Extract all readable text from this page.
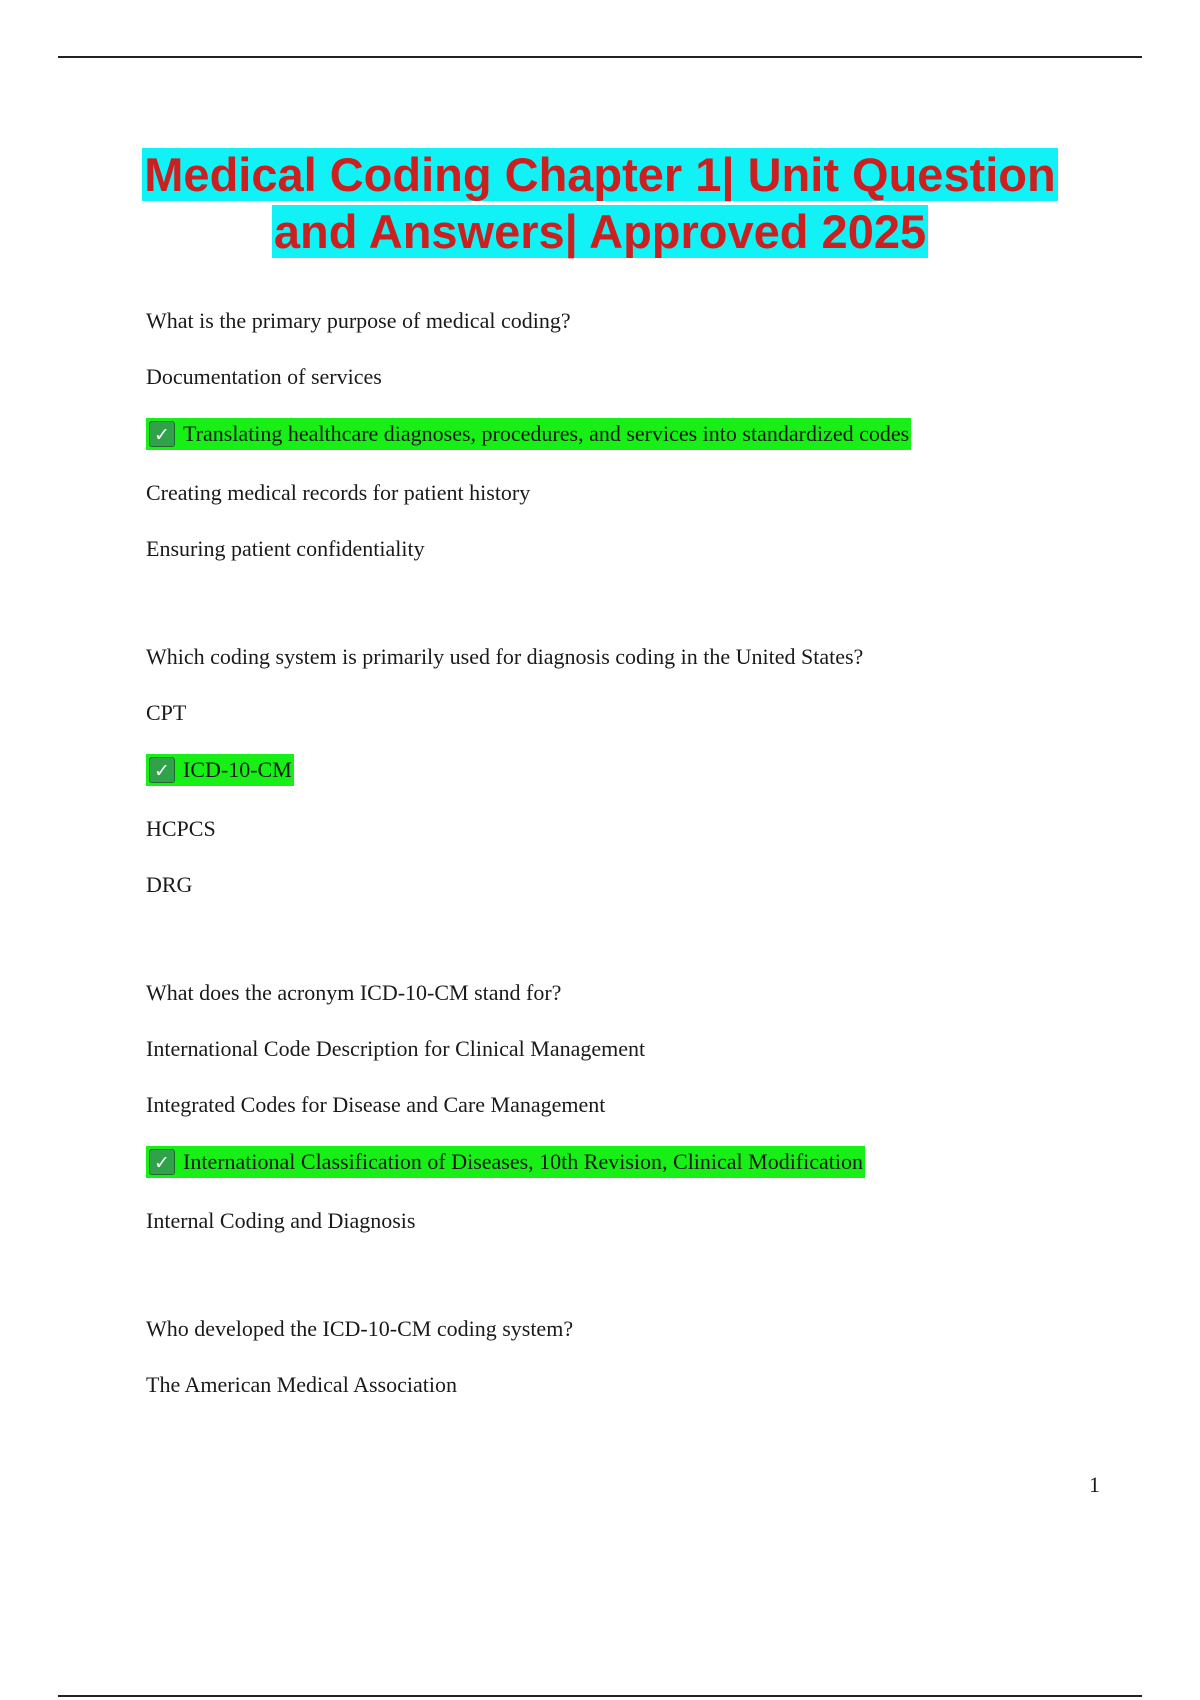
Medical Coding Chapter 1| Unit Question
and Answers| Approved 2025
What is the primary purpose of medical coding?
Documentation of services
✓ Translating healthcare diagnoses, procedures, and services into standardized codes
Creating medical records for patient history
Ensuring patient confidentiality
Which coding system is primarily used for diagnosis coding in the United States?
CPT
✓ ICD-10-CM
HCPCS
DRG
What does the acronym ICD-10-CM stand for?
International Code Description for Clinical Management
Integrated Codes for Disease and Care Management
✓ International Classification of Diseases, 10th Revision, Clinical Modification
Internal Coding and Diagnosis
Who developed the ICD-10-CM coding system?
The American Medical Association
1
